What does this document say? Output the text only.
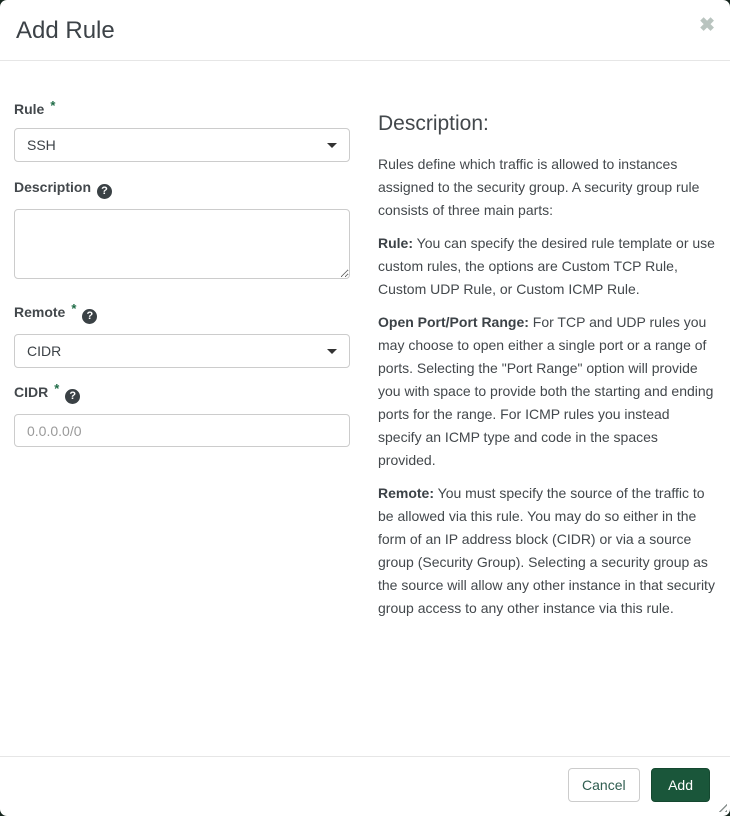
Add Rule	✖
Rule *
SSH
Description ?
Remote * ?
CIDR
CIDR * ?
0.0.0.0/0
Description:

Rules define which traffic is allowed to instances assigned to the security group. A security group rule consists of three main parts:

Rule: You can specify the desired rule template or use custom rules, the options are Custom TCP Rule, Custom UDP Rule, or Custom ICMP Rule.

Open Port/Port Range: For TCP and UDP rules you may choose to open either a single port or a range of ports. Selecting the "Port Range" option will provide you with space to provide both the starting and ending ports for the range. For ICMP rules you instead specify an ICMP type and code in the spaces provided.

Remote: You must specify the source of the traffic to be allowed via this rule. You may do so either in the form of an IP address block (CIDR) or via a source group (Security Group). Selecting a security group as the source will allow any other instance in that security group access to any other instance via this rule.

Cancel	Add
